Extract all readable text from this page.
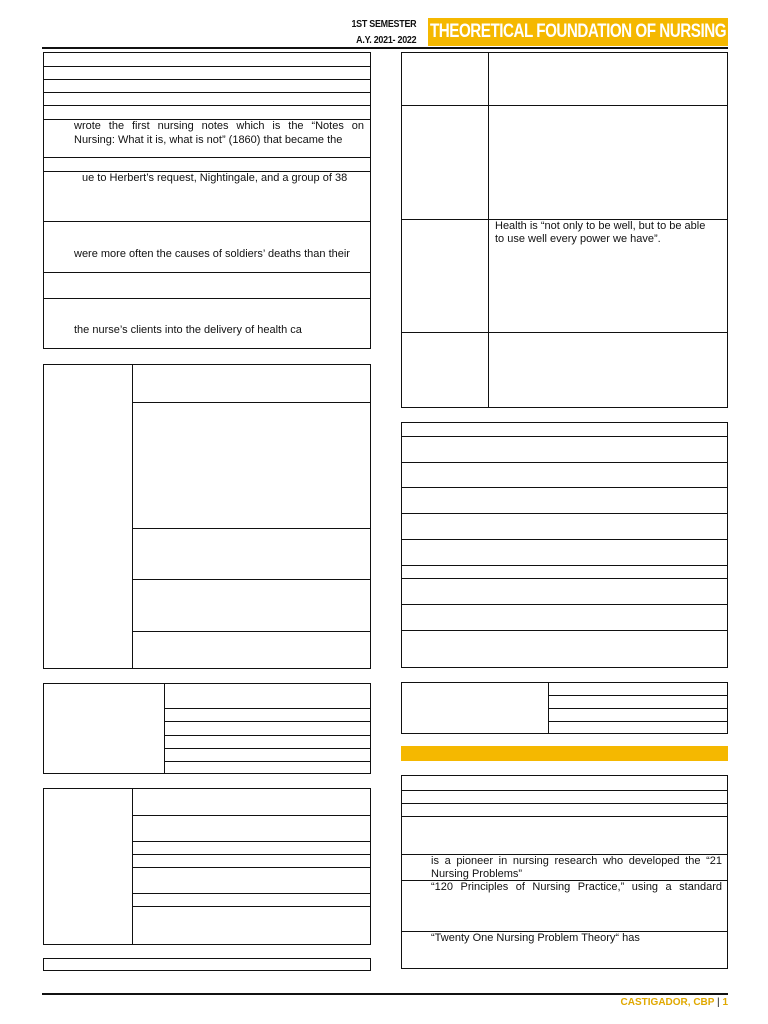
1ST SEMESTER
A.Y. 2021- 2022 THEORETICAL FOUNDATION OF NURSING
wrote the first nursing notes which is the “Notes on
Nursing: What it is, what is not” (1860) that became the
ue to Herbert’s request, Nightingale, and a group of 38
were more often the causes of soldiers’ deaths than their
the nurse’s clients into the delivery of health ca
Health is “not only to be well, but to be able
to use well every power we have”.
is a pioneer in nursing research who developed the “21
Nursing Problems”
“120 Principles of Nursing Practice,” using a standard
“Twenty One Nursing Problem Theory“ has
CASTIGADOR, CBP | 1
